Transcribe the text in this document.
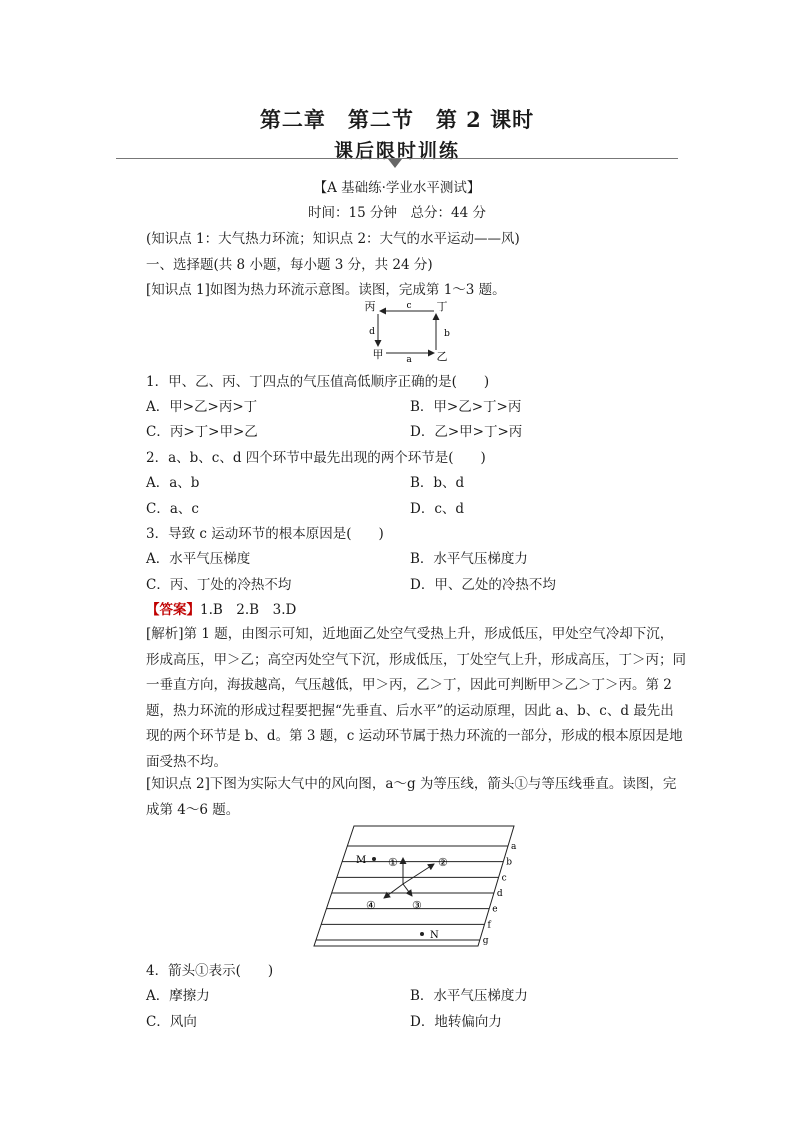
第二章　第二节　第 2 课时
课后限时训练
【A 基础练·学业水平测试】
时间：15 分钟　总分：44 分
(知识点 1：大气热力环流；知识点 2：大气的水平运动——风)
一、选择题(共 8 小题，每小题 3 分，共 24 分)
[知识点 1]如图为热力环流示意图。读图，完成第 1～3 题。
丙	丁
甲	乙
c
b
d
a
1．甲、乙、丙、丁四点的气压值高低顺序正确的是(　　)
A．甲>乙>丙>丁	B．甲>乙>丁>丙
C．丙>丁>甲>乙	D．乙>甲>丁>丙
2．a、b、c、d 四个环节中最先出现的两个环节是(　　)
A．a、b	B．b、d
C．a、c	D．c、d
3．导致 c 运动环节的根本原因是(　　)
A．水平气压梯度	B．水平气压梯度力
C．丙、丁处的冷热不均	D．甲、乙处的冷热不均
【答案】1.B　2.B　3.D
[解析]第 1 题，由图示可知，近地面乙处空气受热上升，形成低压，甲处空气冷却下沉，形成高压，甲＞乙；高空丙处空气下沉，形成低压，丁处空气上升，形成高压，丁＞丙；同一垂直方向，海拔越高，气压越低，甲＞丙，乙＞丁，因此可判断甲＞乙＞丁＞丙。第 2 题，热力环流的形成过程要把握“先垂直、后水平”的运动原理，因此 a、b、c、d 最先出现的两个环节是 b、d。第 3 题，c 运动环节属于热力环流的一部分，形成的根本原因是地面受热不均。
[知识点 2]下图为实际大气中的风向图，a～g 为等压线，箭头①与等压线垂直。读图，完成第 4～6 题。
M
N
①	②
③
④
a
b
c
d
e
f
g
4．箭头①表示(　　)
A．摩擦力	B．水平气压梯度力
C．风向	D．地转偏向力
